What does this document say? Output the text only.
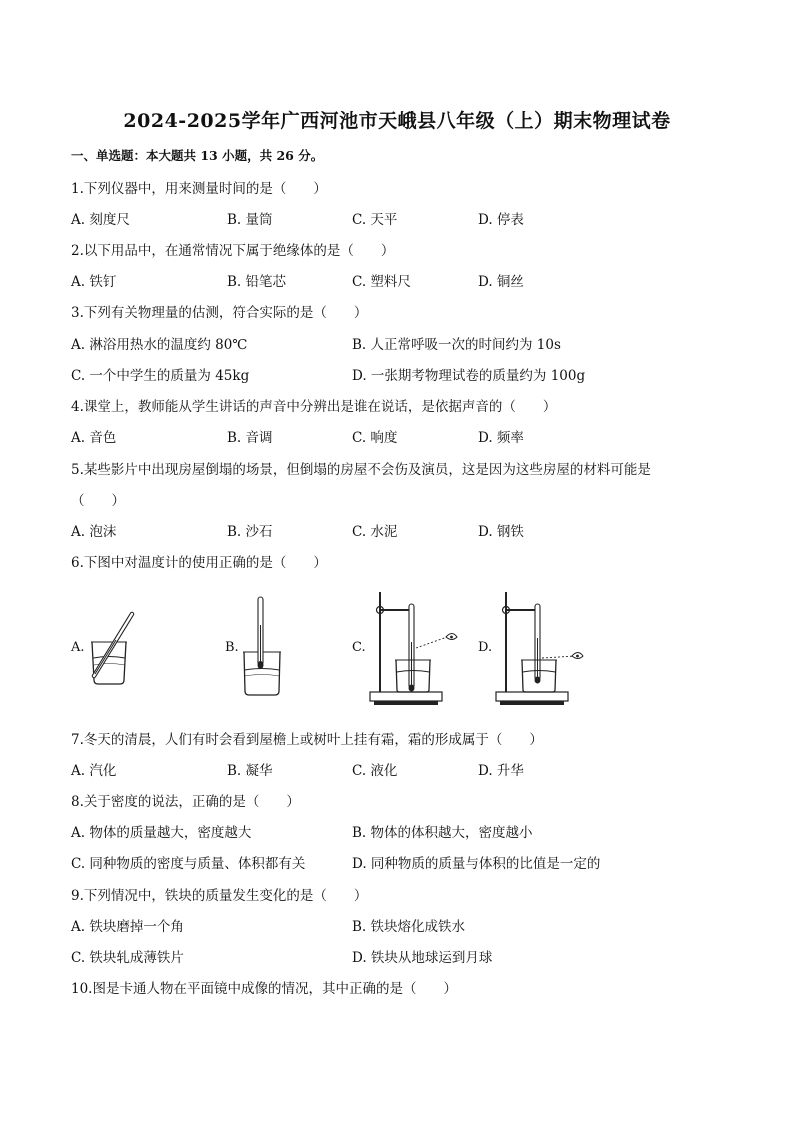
2024-2025学年广西河池市天峨县八年级（上）期末物理试卷
一、单选题：本大题共 13 小题，共 26 分。
1.下列仪器中，用来测量时间的是（　　）
A. 刻度尺	B. 量筒	C. 天平	D. 停表
2.以下用品中，在通常情况下属于绝缘体的是（　　）
A. 铁钉	B. 铅笔芯	C. 塑料尺	D. 铜丝
3.下列有关物理量的估测，符合实际的是（　　）
A. 淋浴用热水的温度约 80℃	B. 人正常呼吸一次的时间约为 10s
C. 一个中学生的质量为 45kg	D. 一张期考物理试卷的质量约为 100g
4.课堂上，教师能从学生讲话的声音中分辨出是谁在说话，是依据声音的（　　）
A. 音色	B. 音调	C. 响度	D. 频率
5.某些影片中出现房屋倒塌的场景，但倒塌的房屋不会伤及演员，这是因为这些房屋的材料可能是
（　　）
A. 泡沫	B. 沙石	C. 水泥	D. 钢铁
6.下图中对温度计的使用正确的是（　　）
A.	B.	C.	D.
7.冬天的清晨，人们有时会看到屋檐上或树叶上挂有霜，霜的形成属于（　　）
A. 汽化	B. 凝华	C. 液化	D. 升华
8.关于密度的说法，正确的是（　　）
A. 物体的质量越大，密度越大	B. 物体的体积越大，密度越小
C. 同种物质的密度与质量、体积都有关	D. 同种物质的质量与体积的比值是一定的
9.下列情况中，铁块的质量发生变化的是（　　）
A. 铁块磨掉一个角	B. 铁块熔化成铁水
C. 铁块轧成薄铁片	D. 铁块从地球运到月球
10.图是卡通人物在平面镜中成像的情况，其中正确的是（　　）
